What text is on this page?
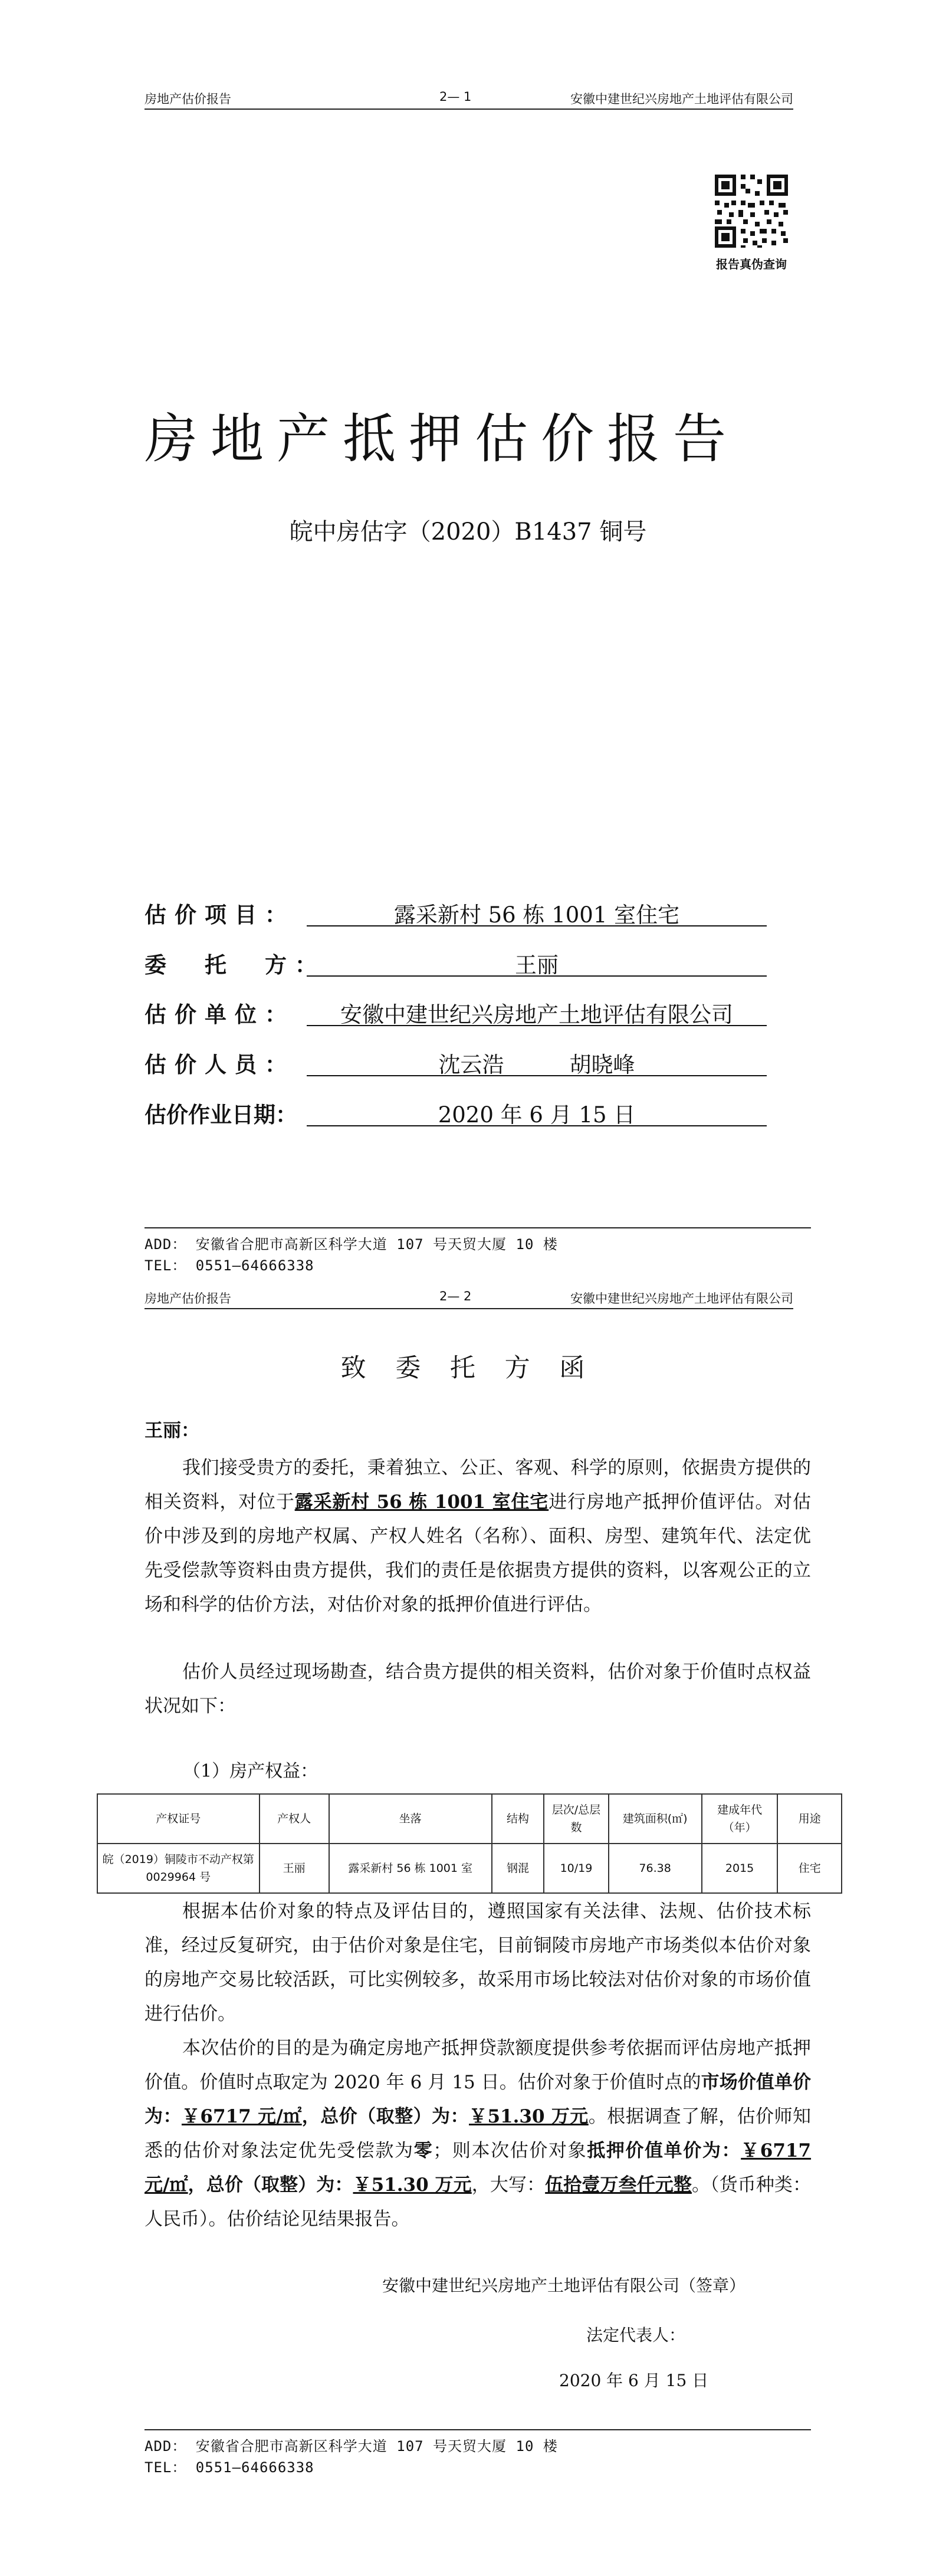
房地产估价报告	2— 1	安徽中建世纪兴房地产土地评估有限公司
报告真伪查询
房地产抵押估价报告
皖中房估字（2020）B1437 铜号
估价项目：	露采新村 56 栋 1001 室住宅
委　托　方：	王丽
估价单位：	安徽中建世纪兴房地产土地评估有限公司
估价人员：	沈云浩　　　胡晓峰
估价作业日期：	2020 年 6 月 15 日
ADD： 安徽省合肥市高新区科学大道 107 号天贸大厦 10 楼
TEL： 0551—64666338
房地产估价报告	2— 2	安徽中建世纪兴房地产土地评估有限公司
致 委 托 方 函
王丽：

我们接受贵方的委托，秉着独立、公正、客观、科学的原则，依据贵方提供的相关资料，对位于露采新村 56 栋 1001 室住宅进行房地产抵押价值评估。对估价中涉及到的房地产权属、产权人姓名（名称）、面积、房型、建筑年代、法定优先受偿款等资料由贵方提供，我们的责任是依据贵方提供的资料，以客观公正的立场和科学的估价方法，对估价对象的抵押价值进行评估。

估价人员经过现场勘查，结合贵方提供的相关资料，估价对象于价值时点权益状况如下：

（1）房产权益：
产权证号	产权人	坐落	结构	层次/总层数	建筑面积(㎡)	建成年代（年）	用途
皖（2019）铜陵市不动产权第 0029964 号	王丽	露采新村 56 栋 1001 室	钢混	10/19	76.38	2015	住宅

根据本估价对象的特点及评估目的，遵照国家有关法律、法规、估价技术标准，经过反复研究，由于估价对象是住宅，目前铜陵市房地产市场类似本估价对象的房地产交易比较活跃，可比实例较多，故采用市场比较法对估价对象的市场价值进行估价。

本次估价的目的是为确定房地产抵押贷款额度提供参考依据而评估房地产抵押价值。价值时点取定为 2020 年 6 月 15 日。估价对象于价值时点的市场价值单价为：￥6717 元/㎡，总价（取整）为：￥51.30 万元。根据调查了解，估价师知悉的估价对象法定优先受偿款为零；则本次估价对象抵押价值单价为：￥6717 元/㎡，总价（取整）为：￥51.30 万元，大写：伍拾壹万叁仟元整。（货币种类：人民币）。估价结论见结果报告。

安徽中建世纪兴房地产土地评估有限公司（签章）
法定代表人：
2020 年 6 月 15 日
ADD： 安徽省合肥市高新区科学大道 107 号天贸大厦 10 楼
TEL： 0551—64666338
